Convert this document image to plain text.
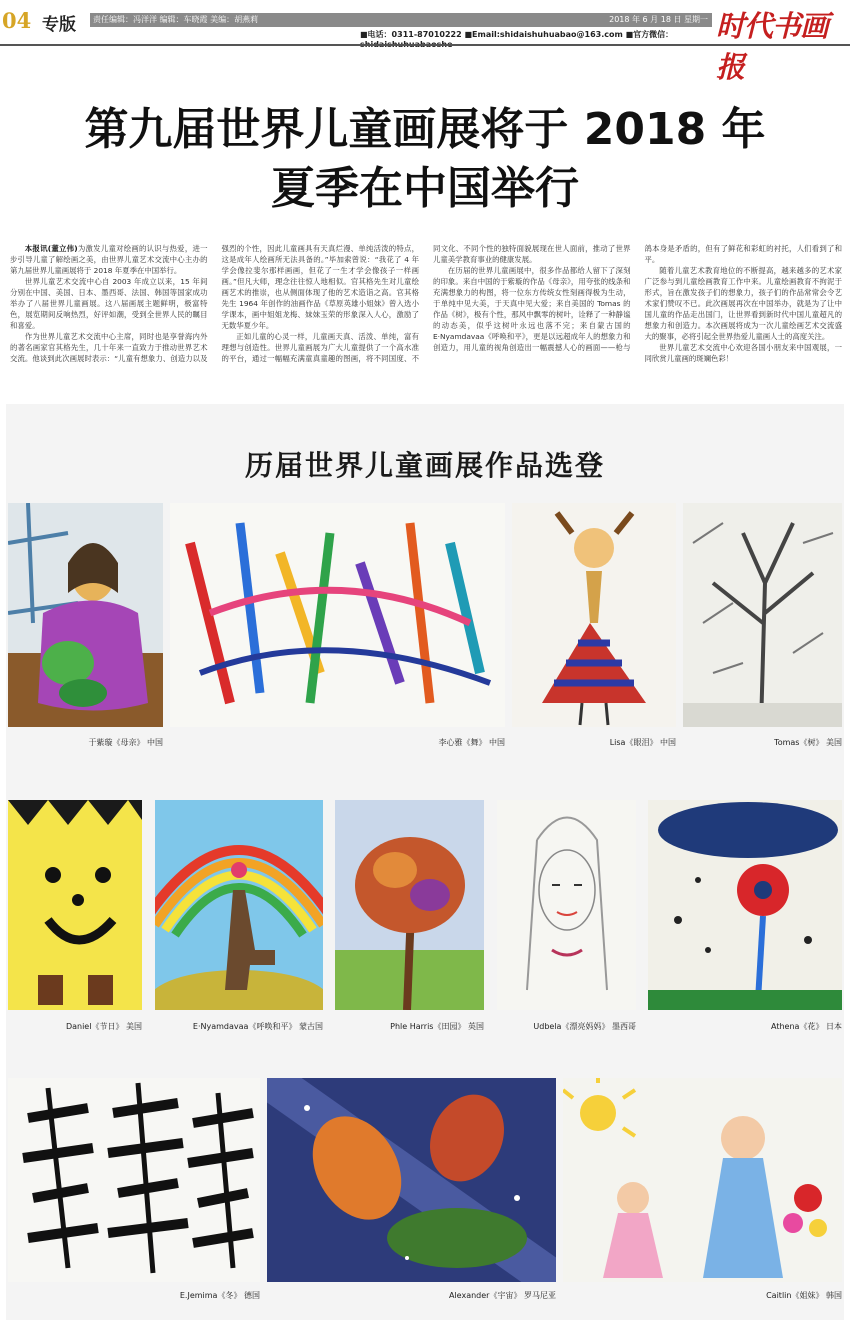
04 专版	责任编辑：冯洋洋 编辑：车晓霞 美编：胡燕莉	2018 年 6 月 18 日 星期一
■电话：0311-87010222 ■Email:shidaishuhuabao@163.com ■官方微信：	时代书画报
第九届世界儿童画展将于 2018 年
夏季在中国举行

本报讯(董立伟)为激发儿童对绘画的认识与热爱，进一步引导儿童了解绘画之美，由世界儿童艺术交流中心主办的第九届世界儿童画展将于 2018 年夏季在中国举行。

世界儿童艺术交流中心自 2003 年成立以来，15 年间分别在中国、美国、日本、墨西哥、法国、韩国等国家成功举办了八届世界儿童画展。这八届画展主题鲜明，极富特色，展览期间反响热烈，好评如潮，受到全世界人民的瞩目和喜爱。

作为世界儿童艺术交流中心主席，同时也是享誉海内外的著名画家官其格先生，几十年来一直致力于推动世界艺术交流。他谈到此次画展时表示：“儿童有想象力、创造力以及强烈的个性，因此儿童画具有天真烂漫、单纯活泼的特点，这是成年人绘画所无法具备的。”毕加索曾说：“我花了 4 年学会像拉斐尔那样画画，但花了一生才学会像孩子一样画画。”但凡大师，理念往往惊人地相似。官其格先生对儿童绘画艺术的推崇，也从侧面体现了他的艺术造诣之高。官其格先生 1964 年创作的油画作品《草原英雄小姐妹》曾入选小学课本，画中姐姐龙梅、妹妹玉荣的形象深入人心，激励了无数华夏少年。

正如儿童的心灵一样，儿童画天真、活泼、单纯，富有理想与创造性。世界儿童画展为广大儿童提供了一个高水准的平台，通过一幅幅充满童真童趣的图画，将不同国度、不同文化、不同个性的独特面貌展现在世人面前，推动了世界儿童美学教育事业的健康发展。

在历届的世界儿童画展中，很多作品都给人留下了深刻的印象。来自中国的于紫璇的作品《母亲》，用夸张的线条和充满想象力的构图，将一位东方传统女性刻画得极为生动，于单纯中见大美，于天真中见大爱；来自美国的 Tomas 的作品《树》，极有个性，那风中飘零的树叶，诠释了一种静谧的动态美，似乎这树叶永远也落不完；来自蒙古国的 E·Nyamdavaa《呼唤和平》，更是以远超成年人的想象力和创造力，用儿童的视角创造出一幅震撼人心的画面——枪与鸽本身是矛盾的，但有了鲜花和彩虹的衬托，人们看到了和平。

随着儿童艺术教育地位的不断提高，越来越多的艺术家广泛参与到儿童绘画教育工作中来。儿童绘画教育不拘泥于形式，旨在激发孩子们的想象力，孩子们的作品常常会令艺术家们赞叹不已。此次画展再次在中国举办，就是为了让中国儿童的作品走出国门，让世界看到新时代中国儿童超凡的想象力和创造力。本次画展将成为一次儿童绘画艺术交流盛大的聚事，必将引起全世界热爱儿童画人士的高度关注。

世界儿童艺术交流中心欢迎各国小朋友来中国观展，一同欣赏儿童画的斑斓色彩！

历届世界儿童画展作品选登
于紫璇《母亲》 中国	李心雅《舞》 中国	Lisa《眼泪》 中国	Tomas《树》 美国
Daniel《节日》 美国	E·Nyamdavaa《呼唤和平》 蒙古国	Phle Harris《田园》 英国	Udbela《漂亮妈妈》 墨西哥	Athena《花》 日本
E.Jemima《冬》 德国	Alexander《宇宙》 罗马尼亚	Caitlin《姐妹》 韩国
